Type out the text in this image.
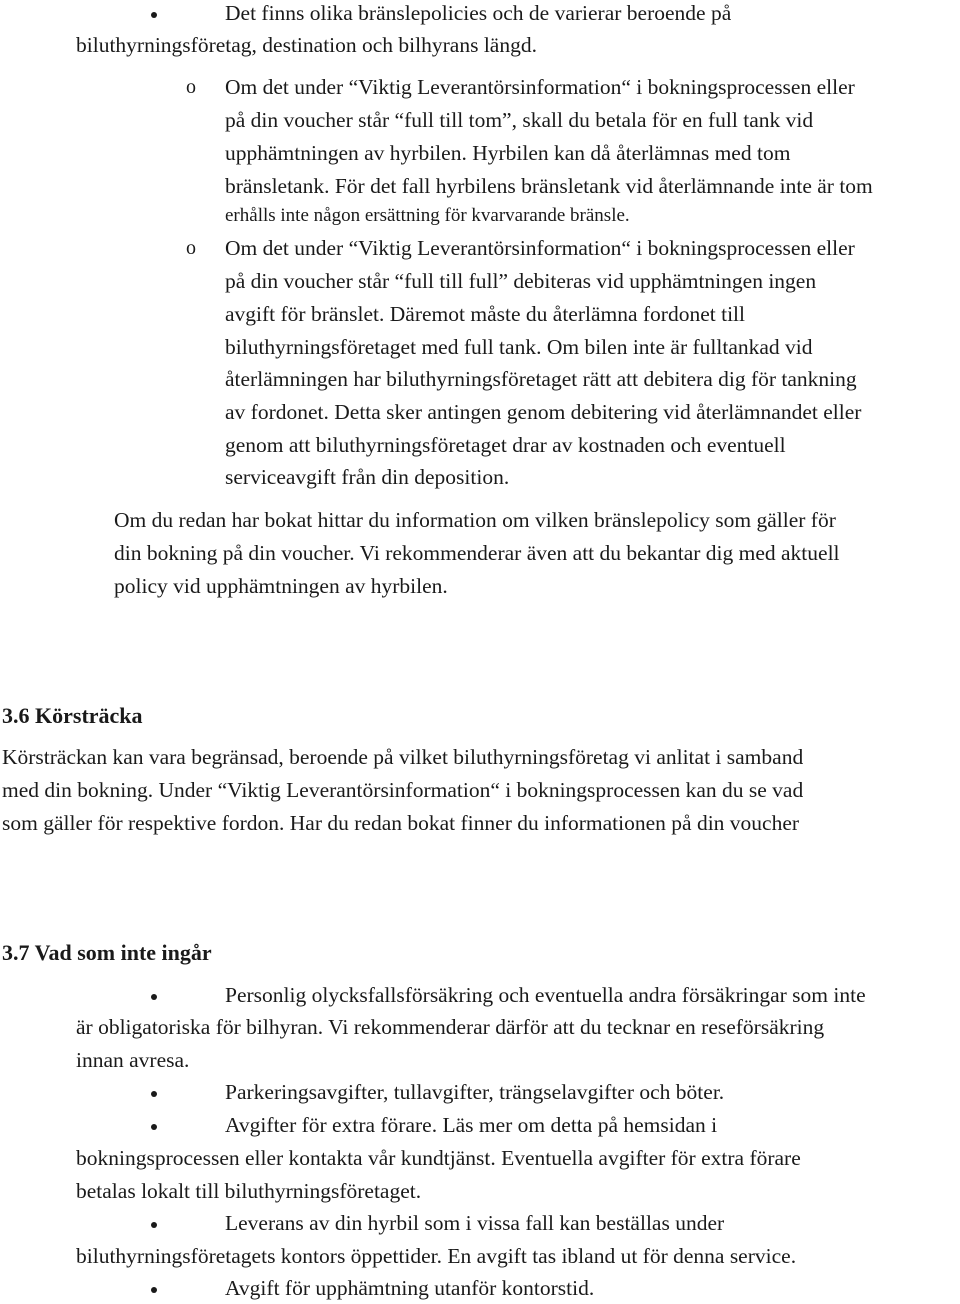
Det finns olika bränslepolicies och de varierar beroende på
biluthyrningsföretag, destination och bilhyrans längd.
o Om det under “Viktig Leverantörsinformation“ i bokningsprocessen eller
på din voucher står “full till tom”, skall du betala för en full tank vid
upphämtningen av hyrbilen. Hyrbilen kan då återlämnas med tom
bränsletank. För det fall hyrbilens bränsletank vid återlämnande inte är tom
erhålls inte någon ersättning för kvarvarande bränsle.
o Om det under “Viktig Leverantörsinformation“ i bokningsprocessen eller
på din voucher står “full till full” debiteras vid upphämtningen ingen
avgift för bränslet. Däremot måste du återlämna fordonet till
biluthyrningsföretaget med full tank. Om bilen inte är fulltankad vid
återlämningen har biluthyrningsföretaget rätt att debitera dig för tankning
av fordonet. Detta sker antingen genom debitering vid återlämnandet eller
genom att biluthyrningsföretaget drar av kostnaden och eventuell
serviceavgift från din deposition.
Om du redan har bokat hittar du information om vilken bränslepolicy som gäller för
din bokning på din voucher. Vi rekommenderar även att du bekantar dig med aktuell
policy vid upphämtningen av hyrbilen.
3.6 Körsträcka
Körsträckan kan vara begränsad, beroende på vilket biluthyrningsföretag vi anlitat i samband
med din bokning. Under “Viktig Leverantörsinformation“ i bokningsprocessen kan du se vad
som gäller för respektive fordon. Har du redan bokat finner du informationen på din voucher
3.7 Vad som inte ingår
Personlig olycksfallsförsäkring och eventuella andra försäkringar som inte
är obligatoriska för bilhyran. Vi rekommenderar därför att du tecknar en reseförsäkring
innan avresa.
Parkeringsavgifter, tullavgifter, trängselavgifter och böter.
Avgifter för extra förare. Läs mer om detta på hemsidan i
bokningsprocessen eller kontakta vår kundtjänst. Eventuella avgifter för extra förare
betalas lokalt till biluthyrningsföretaget.
Leverans av din hyrbil som i vissa fall kan beställas under
biluthyrningsföretagets kontors öppettider. En avgift tas ibland ut för denna service.
Avgift för upphämtning utanför kontorstid.
